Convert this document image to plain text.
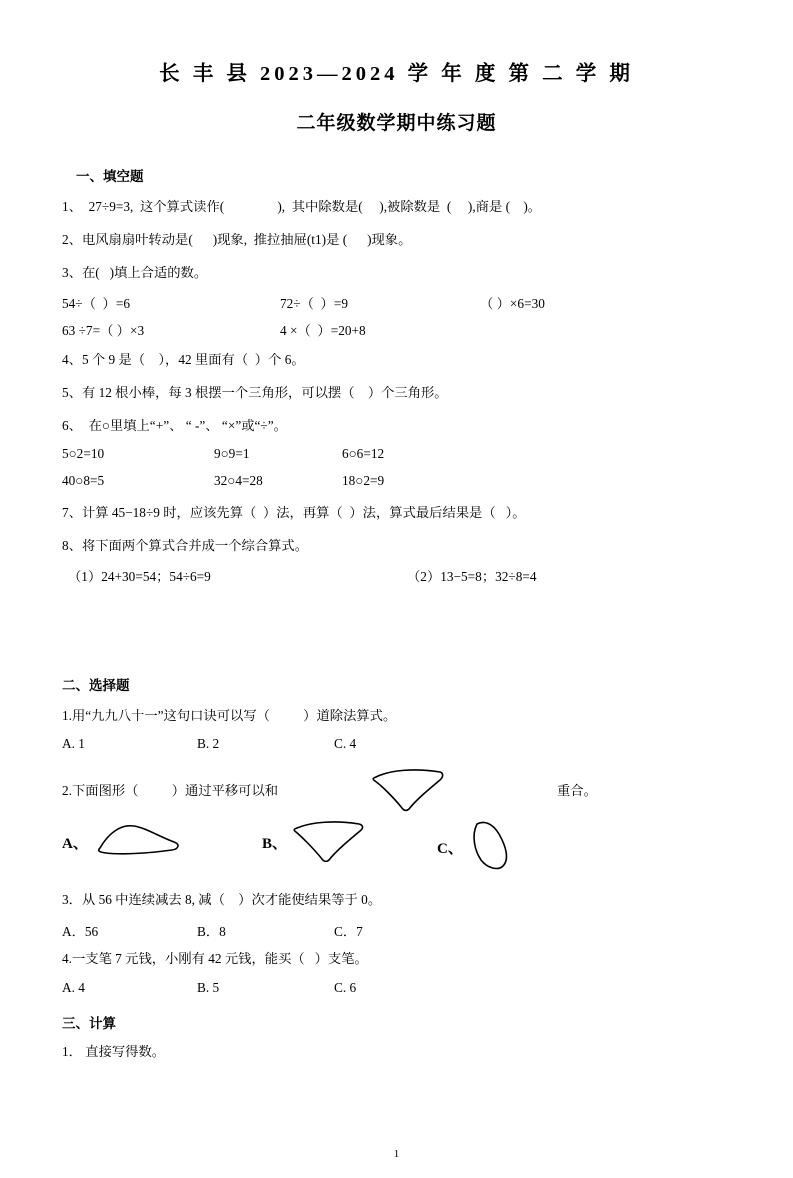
长 丰 县 2023—2024 学 年 度 第 二 学 期
二年级数学期中练习题
一、填空题
1、  27÷9=3,  这个算式读作(                ),  其中除数是(     ),被除数是  (     ),商是 (    )。
2、电风扇扇叶转动是(      )现象,  推拉抽屉(t1)是 (      )现象。
3、在(   )填上合适的数。
54÷（  ）=6	72÷（  ）=9	（ ）×6=30
63 ÷7=（ ）×3	4 ×（  ）=20+8
4、5 个 9 是（    ），42 里面有（  ）个 6。
5、有 12 根小棒，每 3 根摆一个三角形，可以摆（    ）个三角形。
6、  在○里填上“+”、 “ -”、 “×”或“÷”。
5○2=10	9○9=1	6○6=12
40○8=5	32○4=28	18○2=9
7、计算 45−18÷9 时，应该先算（  ）法，再算（  ）法，算式最后结果是（   ）。
8、将下面两个算式合并成一个综合算式。
（1）24+30=54；54÷6=9	（2）13−5=8；32÷8=4
二、选择题
1.用“九九八十一”这句口诀可以写（          ）道除法算式。
A. 1	B. 2	C. 4
2.下面图形（          ）通过平移可以和	重合。
A、	B、	C、
3．从 56 中连续减去 8, 减（    ）次才能使结果等于 0。
A．56	B．8	C．7
4.一支笔 7 元钱，小刚有 42 元钱，能买（   ）支笔。
A. 4	B. 5	C. 6
三、计算
1． 直接写得数。
1
